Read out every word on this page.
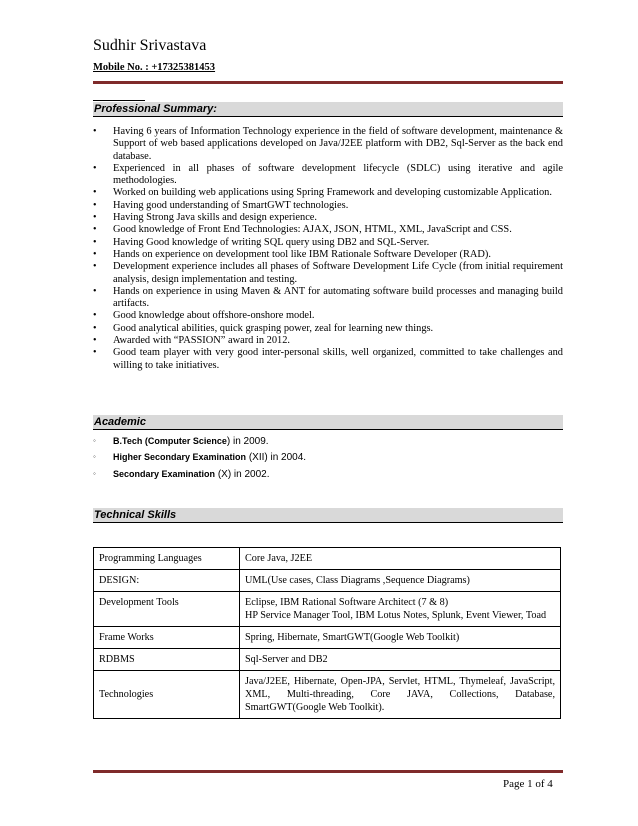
Sudhir Srivastava
Mobile No. : +17325381453
Professional Summary:
• Having 6 years of Information Technology experience in the field of software development, maintenance & Support of web based applications developed on Java/J2EE platform with DB2, Sql-Server as the back end database.
• Experienced in all phases of software development lifecycle (SDLC) using iterative and agile methodologies.
• Worked on building web applications using Spring Framework and developing customizable Application.
• Having good understanding of SmartGWT technologies.
• Having Strong Java skills and design experience.
• Good knowledge of Front End Technologies: AJAX, JSON, HTML, XML, JavaScript and CSS.
• Having Good knowledge of writing SQL query using DB2 and SQL-Server.
• Hands on experience on development tool like IBM Rationale Software Developer (RAD).
• Development experience includes all phases of Software Development Life Cycle (from initial requirement analysis, design implementation and testing.
• Hands on experience in using Maven & ANT for automating software build processes and managing build artifacts.
• Good knowledge about offshore-onshore model.
• Good analytical abilities, quick grasping power, zeal for learning new things.
• Awarded with “PASSION” award in 2012.
• Good team player with very good inter-personal skills, well organized, committed to take challenges and willing to take initiatives.
Academic
◦ B.Tech (Computer Science) in 2009.
◦ Higher Secondary Examination (XII) in 2004.
◦ Secondary Examination (X) in 2002.
Technical Skills
Programming Languages	Core Java, J2EE
DESIGN:	UML(Use cases, Class Diagrams ,Sequence Diagrams)
Development Tools	Eclipse, IBM Rational Software Architect (7 & 8)
HP Service Manager Tool, IBM Lotus Notes, Splunk, Event Viewer, Toad

Frame Works	Spring, Hibernate, SmartGWT(Google Web Toolkit)
RDBMS	Sql-Server and DB2
Technologies	Java/J2EE, Hibernate, Open-JPA, Servlet, HTML, Thymeleaf, JavaScript, XML, Multi-threading, Core JAVA, Collections, Database, SmartGWT(Google Web Toolkit).
Page 1 of 4
